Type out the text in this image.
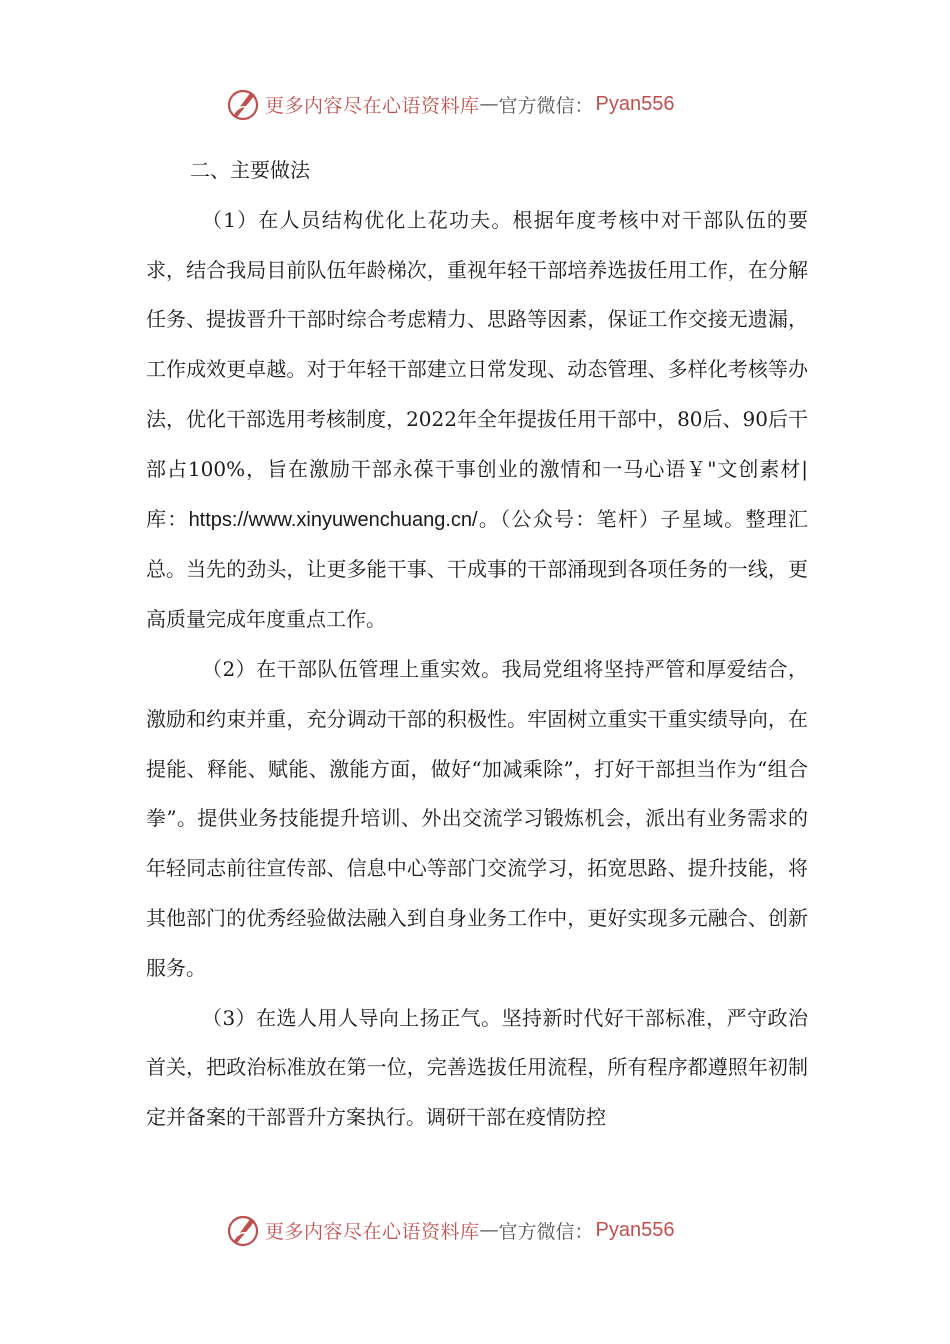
更多内容尽在心语资料库 — 官方微信： Pyan556

二、主要做法

（1）在人员结构优化上花功夫。根据年度考核中对干部队伍的要求，结合我局目前队伍年龄梯次，重视年轻干部培养选拔任用工作，在分解任务、提拔晋升干部时综合考虑精力、思路等因素，保证工作交接无遗漏，工作成效更卓越。对于年轻干部建立日常发现、动态管理、多样化考核等办法，优化干部选用考核制度，2022年全年提拔任用干部中，80后、90后干部占100%，旨在激励干部永葆干事创业的激情和一马心语￥"文创素材|库：https://www.xinyuwenchuang.cn/。（公众号：笔杆）子星域。整理汇总。当先的劲头，让更多能干事、干成事的干部涌现到各项任务的一线，更高质量完成年度重点工作。

（2）在干部队伍管理上重实效。我局党组将坚持严管和厚爱结合，激励和约束并重，充分调动干部的积极性。牢固树立重实干重实绩导向，在提能、释能、赋能、激能方面，做好“加减乘除”，打好干部担当作为“组合拳”。提供业务技能提升培训、外出交流学习锻炼机会，派出有业务需求的年轻同志前往宣传部、信息中心等部门交流学习，拓宽思路、提升技能，将其他部门的优秀经验做法融入到自身业务工作中，更好实现多元融合、创新服务。

（3）在选人用人导向上扬正气。坚持新时代好干部标准，严守政治首关，把政治标准放在第一位，完善选拔任用流程，所有程序都遵照年初制定并备案的干部晋升方案执行。调研干部在疫情防控

更多内容尽在心语资料库 — 官方微信： Pyan556
